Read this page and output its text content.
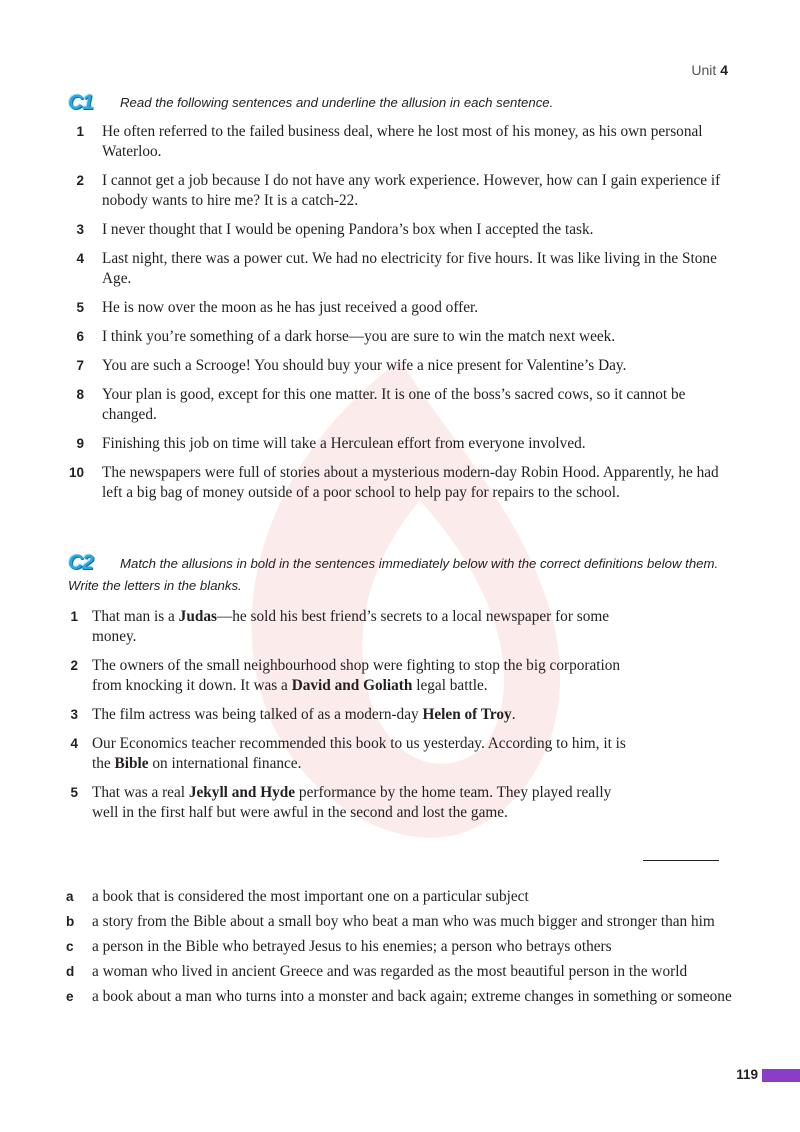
Unit 4
C1	Read the following sentences and underline the allusion in each sentence.
1 He often referred to the failed business deal, where he lost most of his money, as his own personal Waterloo.
2 I cannot get a job because I do not have any work experience. However, how can I gain experience if nobody wants to hire me? It is a catch-22.
3 I never thought that I would be opening Pandora’s box when I accepted the task.
4 Last night, there was a power cut. We had no electricity for five hours. It was like living in the Stone Age.
5 He is now over the moon as he has just received a good offer.
6 I think you’re something of a dark horse—you are sure to win the match next week.
7 You are such a Scrooge! You should buy your wife a nice present for Valentine’s Day.
8 Your plan is good, except for this one matter. It is one of the boss’s sacred cows, so it cannot be changed.
9 Finishing this job on time will take a Herculean effort from everyone involved.
10 The newspapers were full of stories about a mysterious modern-day Robin Hood. Apparently, he had left a big bag of money outside of a poor school to help pay for repairs to the school.
C2	Match the allusions in bold in the sentences immediately below with the correct definitions below them. Write the letters in the blanks.
1 That man is a Judas—he sold his best friend’s secrets to a local newspaper for some money.
2 The owners of the small neighbourhood shop were fighting to stop the big corporation from knocking it down. It was a David and Goliath legal battle.
3 The film actress was being talked of as a modern-day Helen of Troy.
4 Our Economics teacher recommended this book to us yesterday. According to him, it is the Bible on international finance.
5 That was a real Jekyll and Hyde performance by the home team. They played really well in the first half but were awful in the second and lost the game.
a a book that is considered the most important one on a particular subject
b a story from the Bible about a small boy who beat a man who was much bigger and stronger than him
c a person in the Bible who betrayed Jesus to his enemies; a person who betrays others
d a woman who lived in ancient Greece and was regarded as the most beautiful person in the world
e a book about a man who turns into a monster and back again; extreme changes in something or someone
119
